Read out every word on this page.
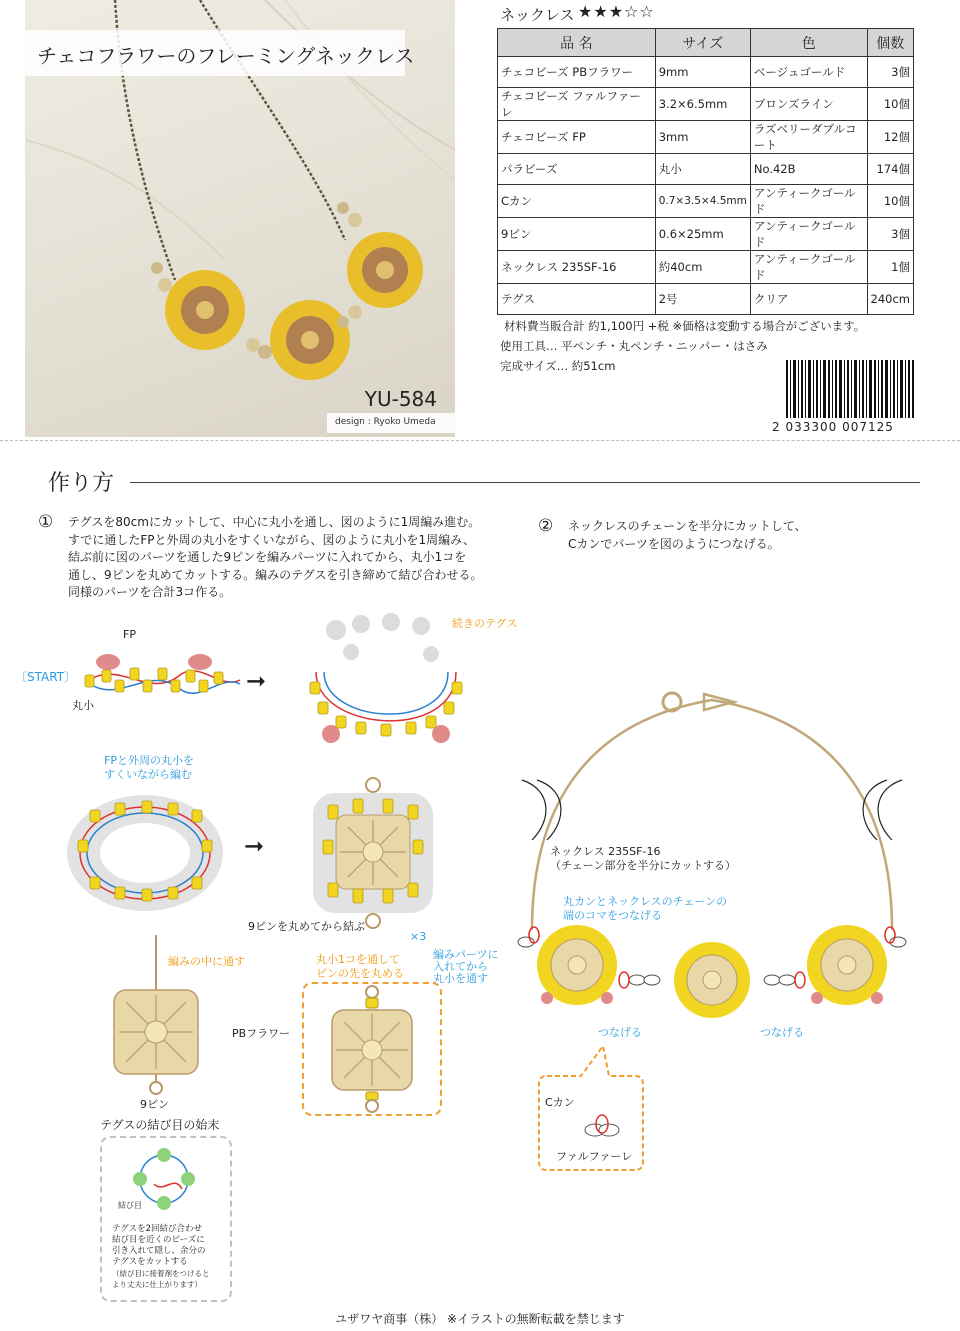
チェコフラワーのフレーミングネックレス
YU-584
design : Ryoko Umeda
ネックレス ★★★☆☆
品 名	サイズ	色	個数
チェコビーズ PBフラワー	9mm	ベージュゴールド	3個
チェコビーズ ファルファーレ	3.2×6.5mm	ブロンズライン	10個
チェコビーズ FP	3mm	ラズベリーダブルコート	12個
パラビーズ	丸小	No.42B	174個
Cカン	0.7×3.5×4.5mm	アンティークゴールド	10個
9ピン	0.6×25mm	アンティークゴールド	3個
ネックレス 235SF-16	約40cm	アンティークゴールド	1個
テグス	2号	クリア	240cm
材料費当販合計 約1,100円 +税 ※価格は変動する場合がございます。
使用工具… 平ペンチ・丸ペンチ・ニッパー・はさみ
完成サイズ… 約51cm
2 033300 007125
作り方
① テグスを80cmにカットして、中心に丸小を通し、図のように1周編み進む。
すでに通したFPと外周の丸小をすくいながら、図のように丸小を1周編み、
結ぶ前に図のパーツを通した9ピンを編みパーツに入れてから、丸小1コを
通し、9ピンを丸めてカットする。編みのテグスを引き締めて結び合わせる。
同様のパーツを合計3コ作る。
② ネックレスのチェーンを半分にカットして、
Cカンでパーツを図のようにつなげる。
FP
〔START〕
丸小
➞
続きのテグス
FPと外周の丸小を
すくいながら編む
➞
9ピンを丸めてから結ぶ
編みの中に通す
PBフラワー
9ピン
テグスの結び目の始末
結び目
テグスを2回結び合わせ
結び目を近くのビーズに
引き入れて隠し、余分の
テグスをカットする
（結び目に接着剤をつけると
より丈夫に仕上がります）
×3
丸小1コを通して
ピンの先を丸める
編みパーツに
入れてから
丸小を通す
ネックレス 235SF-16
（チェーン部分を半分にカットする）
丸カンとネックレスのチェーンの
端のコマをつなげる
つなげる	つなげる
Cカン
ファルファーレ
ユザワヤ商事（株） ※イラストの無断転載を禁じます
